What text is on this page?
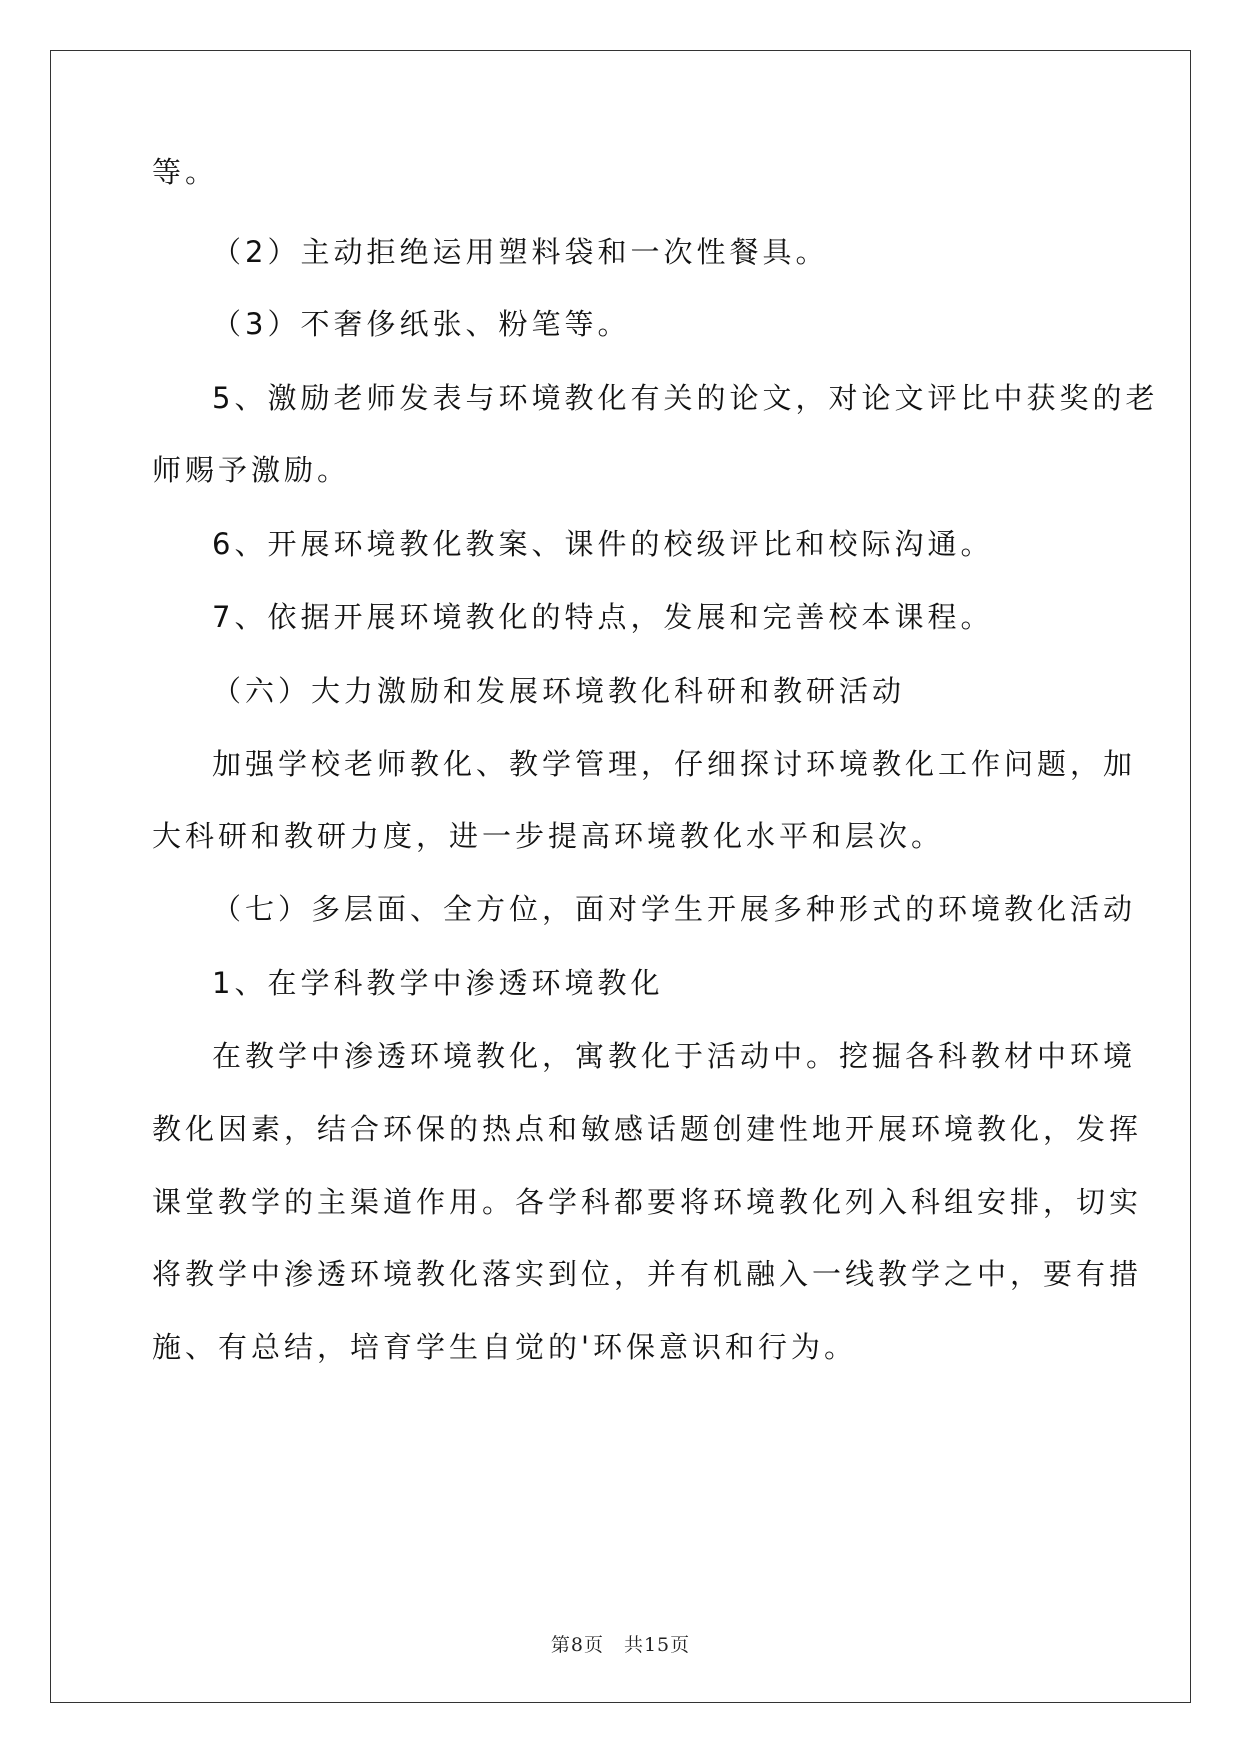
等。
（2）主动拒绝运用塑料袋和一次性餐具。
（3）不奢侈纸张、粉笔等。
5、激励老师发表与环境教化有关的论文，对论文评比中获奖的老
师赐予激励。
6、开展环境教化教案、课件的校级评比和校际沟通。
7、依据开展环境教化的特点，发展和完善校本课程。
（六）大力激励和发展环境教化科研和教研活动
加强学校老师教化、教学管理，仔细探讨环境教化工作问题，加
大科研和教研力度，进一步提高环境教化水平和层次。
（七）多层面、全方位，面对学生开展多种形式的环境教化活动
1、在学科教学中渗透环境教化
在教学中渗透环境教化，寓教化于活动中。挖掘各科教材中环境
教化因素，结合环保的热点和敏感话题创建性地开展环境教化，发挥
课堂教学的主渠道作用。各学科都要将环境教化列入科组安排，切实
将教学中渗透环境教化落实到位，并有机融入一线教学之中，要有措
施、有总结，培育学生自觉的'环保意识和行为。
第8页　共15页
